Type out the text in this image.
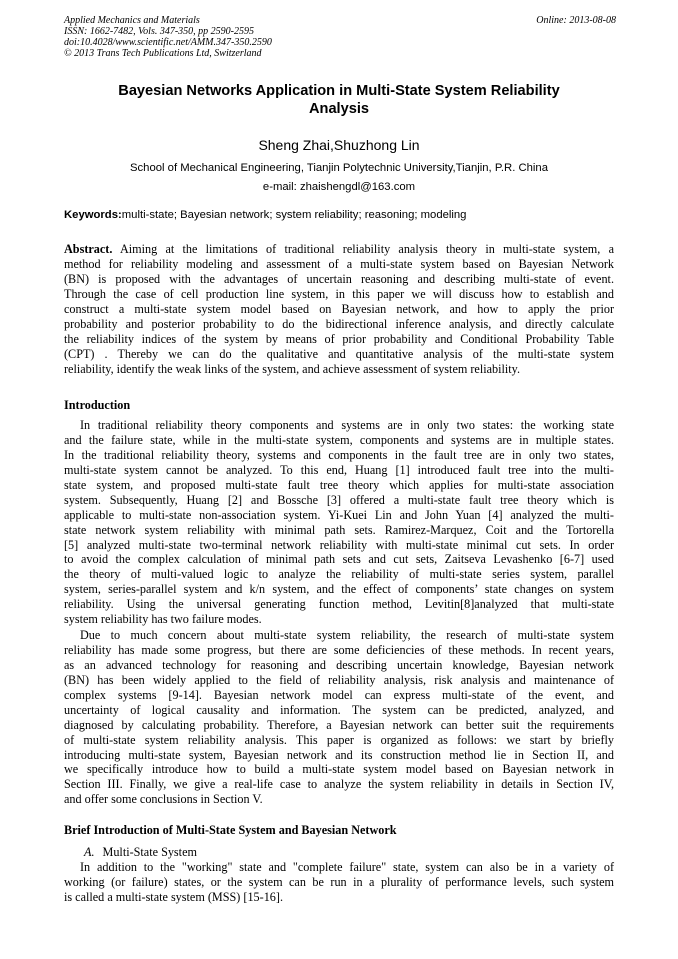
Applied Mechanics and Materials
ISSN: 1662-7482, Vols. 347-350, pp 2590-2595
doi:10.4028/www.scientific.net/AMM.347-350.2590
© 2013 Trans Tech Publications Ltd, Switzerland
Online: 2013-08-08
Bayesian Networks Application in Multi-State System Reliability
Analysis
Sheng Zhai,Shuzhong Lin
School of Mechanical Engineering, Tianjin Polytechnic University,Tianjin, P.R. China
e-mail: zhaishengdl@163.com
Keywords:multi-state; Bayesian network; system reliability; reasoning; modeling
Abstract. Aiming at the limitations of traditional reliability analysis theory in multi-state system, a
method for reliability modeling and assessment of a multi-state system based on Bayesian Network
(BN) is proposed with the advantages of uncertain reasoning and describing multi-state of event.
Through the case of cell production line system, in this paper we will discuss how to establish and
construct a multi-state system model based on Bayesian network, and how to apply the prior
probability and posterior probability to do the bidirectional inference analysis, and directly calculate
the reliability indices of the system by means of prior probability and Conditional Probability Table
(CPT) . Thereby we can do the qualitative and quantitative analysis of the multi-state system
reliability, identify the weak links of the system, and achieve assessment of system reliability.
Introduction
In traditional reliability theory components and systems are in only two states: the working state
and the failure state, while in the multi-state system, components and systems are in multiple states.
In the traditional reliability theory, systems and components in the fault tree are in only two states,
multi-state system cannot be analyzed. To this end, Huang [1] introduced fault tree into the multi-
state system, and proposed multi-state fault tree theory which applies for multi-state association
system. Subsequently, Huang [2] and Bossche [3] offered a multi-state fault tree theory which is
applicable to multi-state non-association system. Yi-Kuei Lin and John Yuan [4] analyzed the multi-
state network system reliability with minimal path sets. Ramirez-Marquez, Coit and the Tortorella
[5] analyzed multi-state two-terminal network reliability with multi-state minimal cut sets. In order
to avoid the complex calculation of minimal path sets and cut sets, Zaitseva Levashenko [6-7] used
the theory of multi-valued logic to analyze the reliability of multi-state series system, parallel
system, series-parallel system and k/n system, and the effect of components’ state changes on system
reliability. Using the universal generating function method, Levitin[8]analyzed that multi-state
system reliability has two failure modes.
Due to much concern about multi-state system reliability, the research of multi-state system
reliability has made some progress, but there are some deficiencies of these methods. In recent years,
as an advanced technology for reasoning and describing uncertain knowledge, Bayesian network
(BN) has been widely applied to the field of reliability analysis, risk analysis and maintenance of
complex systems [9-14]. Bayesian network model can express multi-state of the event, and
uncertainty of logical causality and information. The system can be predicted, analyzed, and
diagnosed by calculating probability. Therefore, a Bayesian network can better suit the requirements
of multi-state system reliability analysis. This paper is organized as follows: we start by briefly
introducing multi-state system, Bayesian network and its construction method lie in Section II, and
we specifically introduce how to build a multi-state system model based on Bayesian network in
Section III. Finally, we give a real-life case to analyze the system reliability in details in Section IV,
and offer some conclusions in Section V.
Brief Introduction of Multi-State System and Bayesian Network
A. Multi-State System
In addition to the "working" state and "complete failure" state, system can also be in a variety of
working (or failure) states, or the system can be run in a plurality of performance levels, such system
is called a multi-state system (MSS) [15-16].
